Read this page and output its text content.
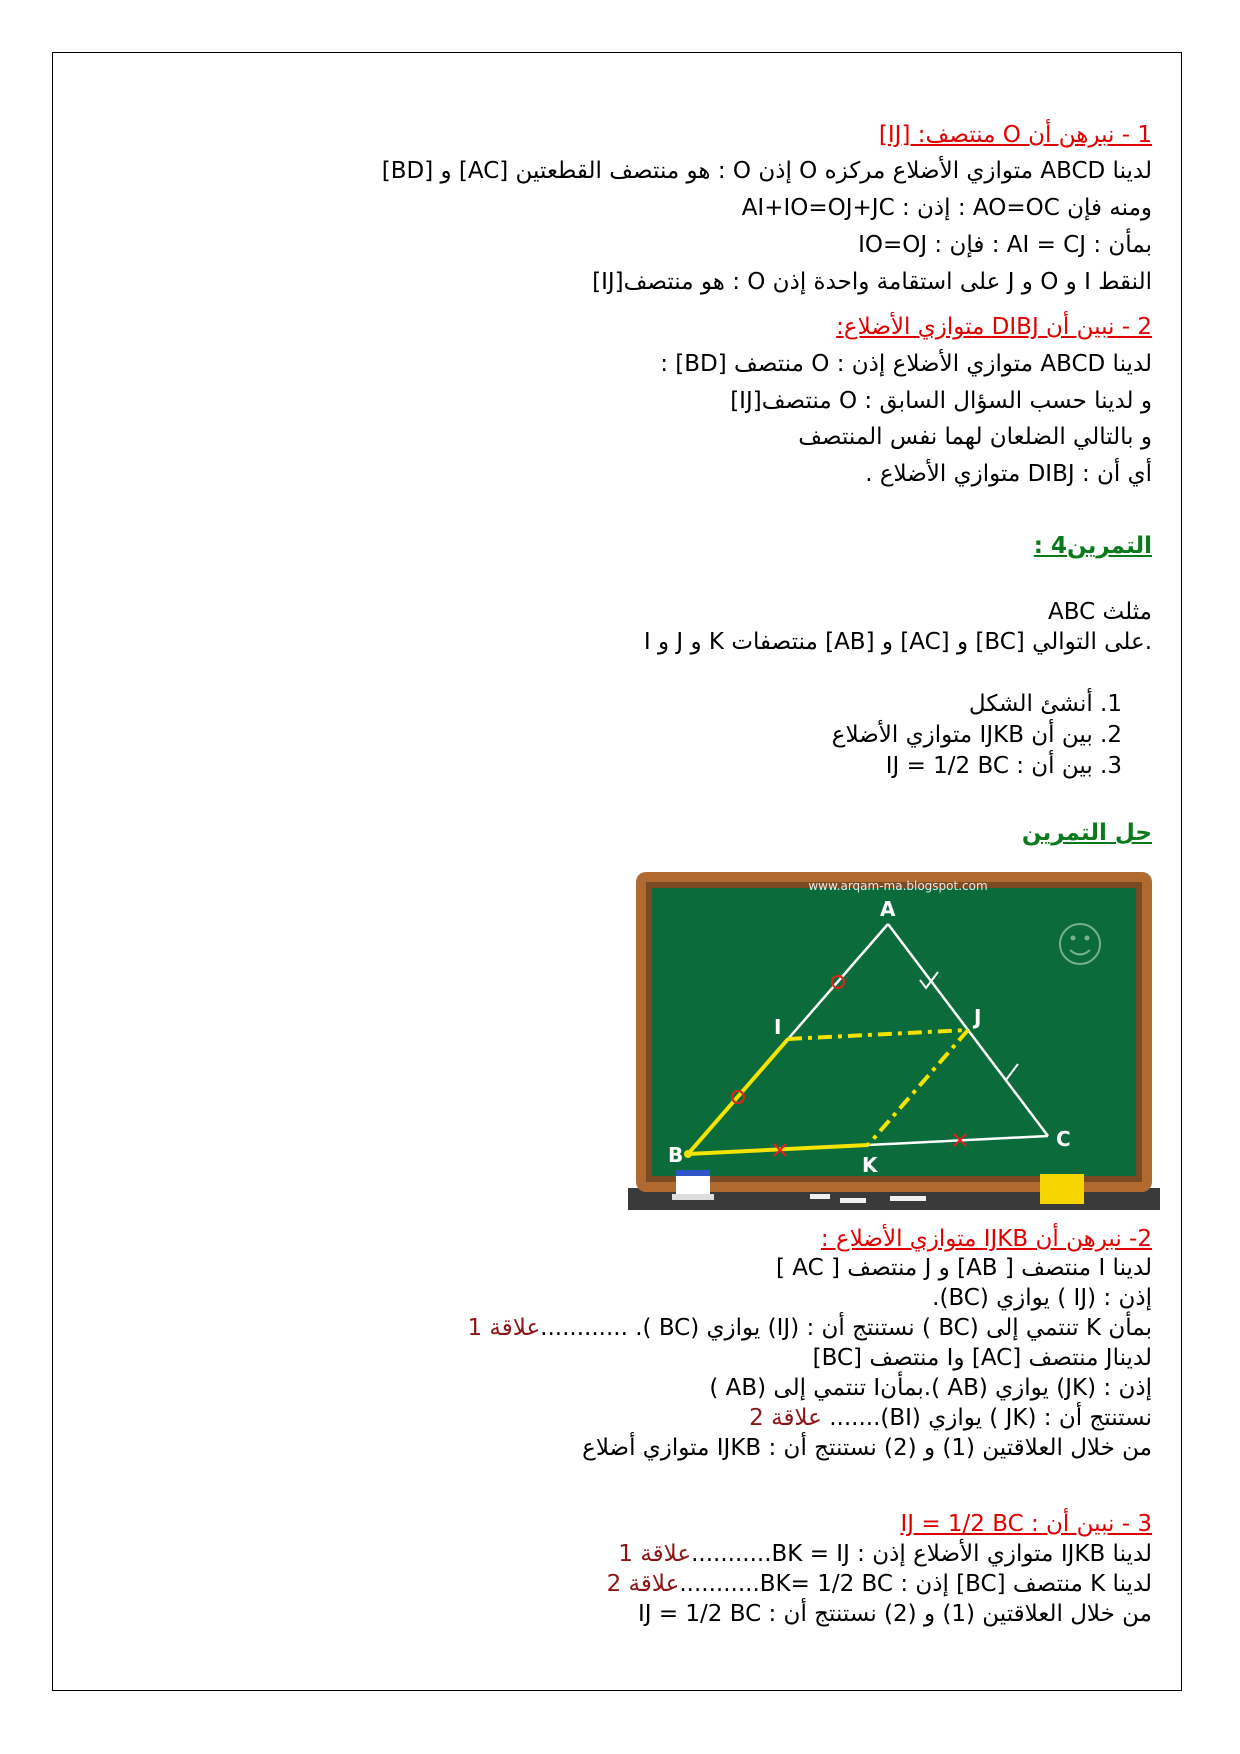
1 - نبرهن أن O منتصف: [IJ]
لدينا ABCD متوازي الأضلاع مركزه O إذن O : هو منتصف القطعتين [AC] و [BD]
ومنه فإن AO=OC : إذن : AI+IO=OJ+JC
بمأن : AI = CJ : فإن : IO=OJ
النقط I و O و J على استقامة واحدة إذن O : هو منتصف[IJ]
2 - نبين أن DIBJ متوازي الأضلاع:
لدينا ABCD متوازي الأضلاع إذن : O منتصف [BD] :
و لدينا حسب السؤال السابق : O منتصف[IJ]
و بالتالي الضلعان لهما نفس المنتصف
أي أن : DIBJ متوازي الأضلاع .
التمرين4 :
ABC مثلث
I و J و K منتصفات [AB] و [AC] و [BC] على التوالي.
1. أنشئ الشكل
2. بين أن IJKB متوازي الأضلاع
3. بين أن : IJ = 1/2 BC
حل التمرين
www.arqam-ma.blogspot.com
A
B
C
I	J
K
2- نبرهن أن IJKB متوازي الأضلاع :
لدينا I منتصف [ AB] و J منتصف [ AC ]
إذن : (IJ ) يوازي (BC).
بمأن K تنتمي إلى (BC ) نستنتج أن : (IJ) يوازي (BC ). ............علاقة 1
لديناJ منتصف [AC] وI منتصف [BC]
إذن : (JK) يوازي (AB ).بمأنI تنتمي إلى (AB )
نستنتج أن : (JK ) يوازي (BI)....... علاقة 2
من خلال العلاقتين (1) و (2) نستنتج أن : IJKB متوازي أضلاع
3 - نبين أن : IJ = 1/2 BC
لدينا IJKB متوازي الأضلاع إذن : BK = IJ...........علاقة 1
لدينا K منتصف [BC] إذن : BK= 1/2 BC...........علاقة 2
من خلال العلاقتين (1) و (2) نستنتج أن : IJ = 1/2 BC
